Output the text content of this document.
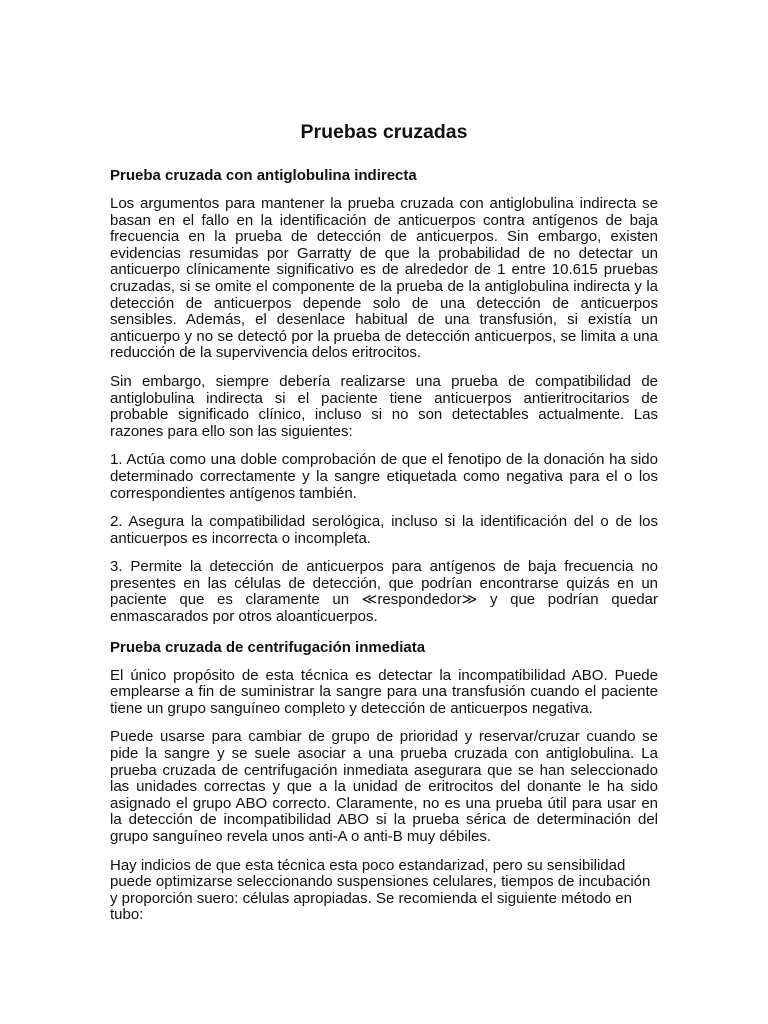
Pruebas cruzadas
Prueba cruzada con antiglobulina indirecta

Los argumentos para mantener la prueba cruzada con antiglobulina indirecta se basan en el fallo en la identificación de anticuerpos contra antígenos de baja frecuencia en la prueba de detección de anticuerpos. Sin embargo, existen evidencias resumidas por Garratty de que la probabilidad de no detectar un anticuerpo clínicamente significativo es de alrededor de 1 entre 10.615 pruebas cruzadas, si se omite el componente de la prueba de la antiglobulina indirecta y la detección de anticuerpos depende solo de una detección de anticuerpos sensibles. Además, el desenlace habitual de una transfusión, si existía un anticuerpo y no se detectó por la prueba de detección anticuerpos, se limita a una reducción de la supervivencia delos eritrocitos.

Sin embargo, siempre debería realizarse una prueba de compatibilidad de antiglobulina indirecta si el paciente tiene anticuerpos antieritrocitarios de probable significado clínico, incluso si no son detectables actualmente. Las razones para ello son las siguientes:

1. Actúa como una doble comprobación de que el fenotipo de la donación ha sido determinado correctamente y la sangre etiquetada como negativa para el o los correspondientes antígenos también.

2. Asegura la compatibilidad serológica, incluso si la identificación del o de los anticuerpos es incorrecta o incompleta.

3. Permite la detección de anticuerpos para antígenos de baja frecuencia no presentes en las células de detección, que podrían encontrarse quizás en un paciente que es claramente un ≪respondedor≫ y que podrían quedar enmascarados por otros aloanticuerpos.

Prueba cruzada de centrifugación inmediata

El único propósito de esta técnica es detectar la incompatibilidad ABO. Puede emplearse a fin de suministrar la sangre para una transfusión cuando el paciente tiene un grupo sanguíneo completo y detección de anticuerpos negativa.

Puede usarse para cambiar de grupo de prioridad y reservar/cruzar cuando se pide la sangre y se suele asociar a una prueba cruzada con antiglobulina. La prueba cruzada de centrifugación inmediata asegurara que se han seleccionado las unidades correctas y que a la unidad de eritrocitos del donante le ha sido asignado el grupo ABO correcto. Claramente, no es una prueba útil para usar en la detección de incompatibilidad ABO si la prueba sérica de determinación del grupo sanguíneo revela unos anti-A o anti-B muy débiles.

Hay indicios de que esta técnica esta poco estandarizad, pero su sensibilidad puede optimizarse seleccionando suspensiones celulares, tiempos de incubación y proporción suero: células apropiadas. Se recomienda el siguiente método en tubo:
